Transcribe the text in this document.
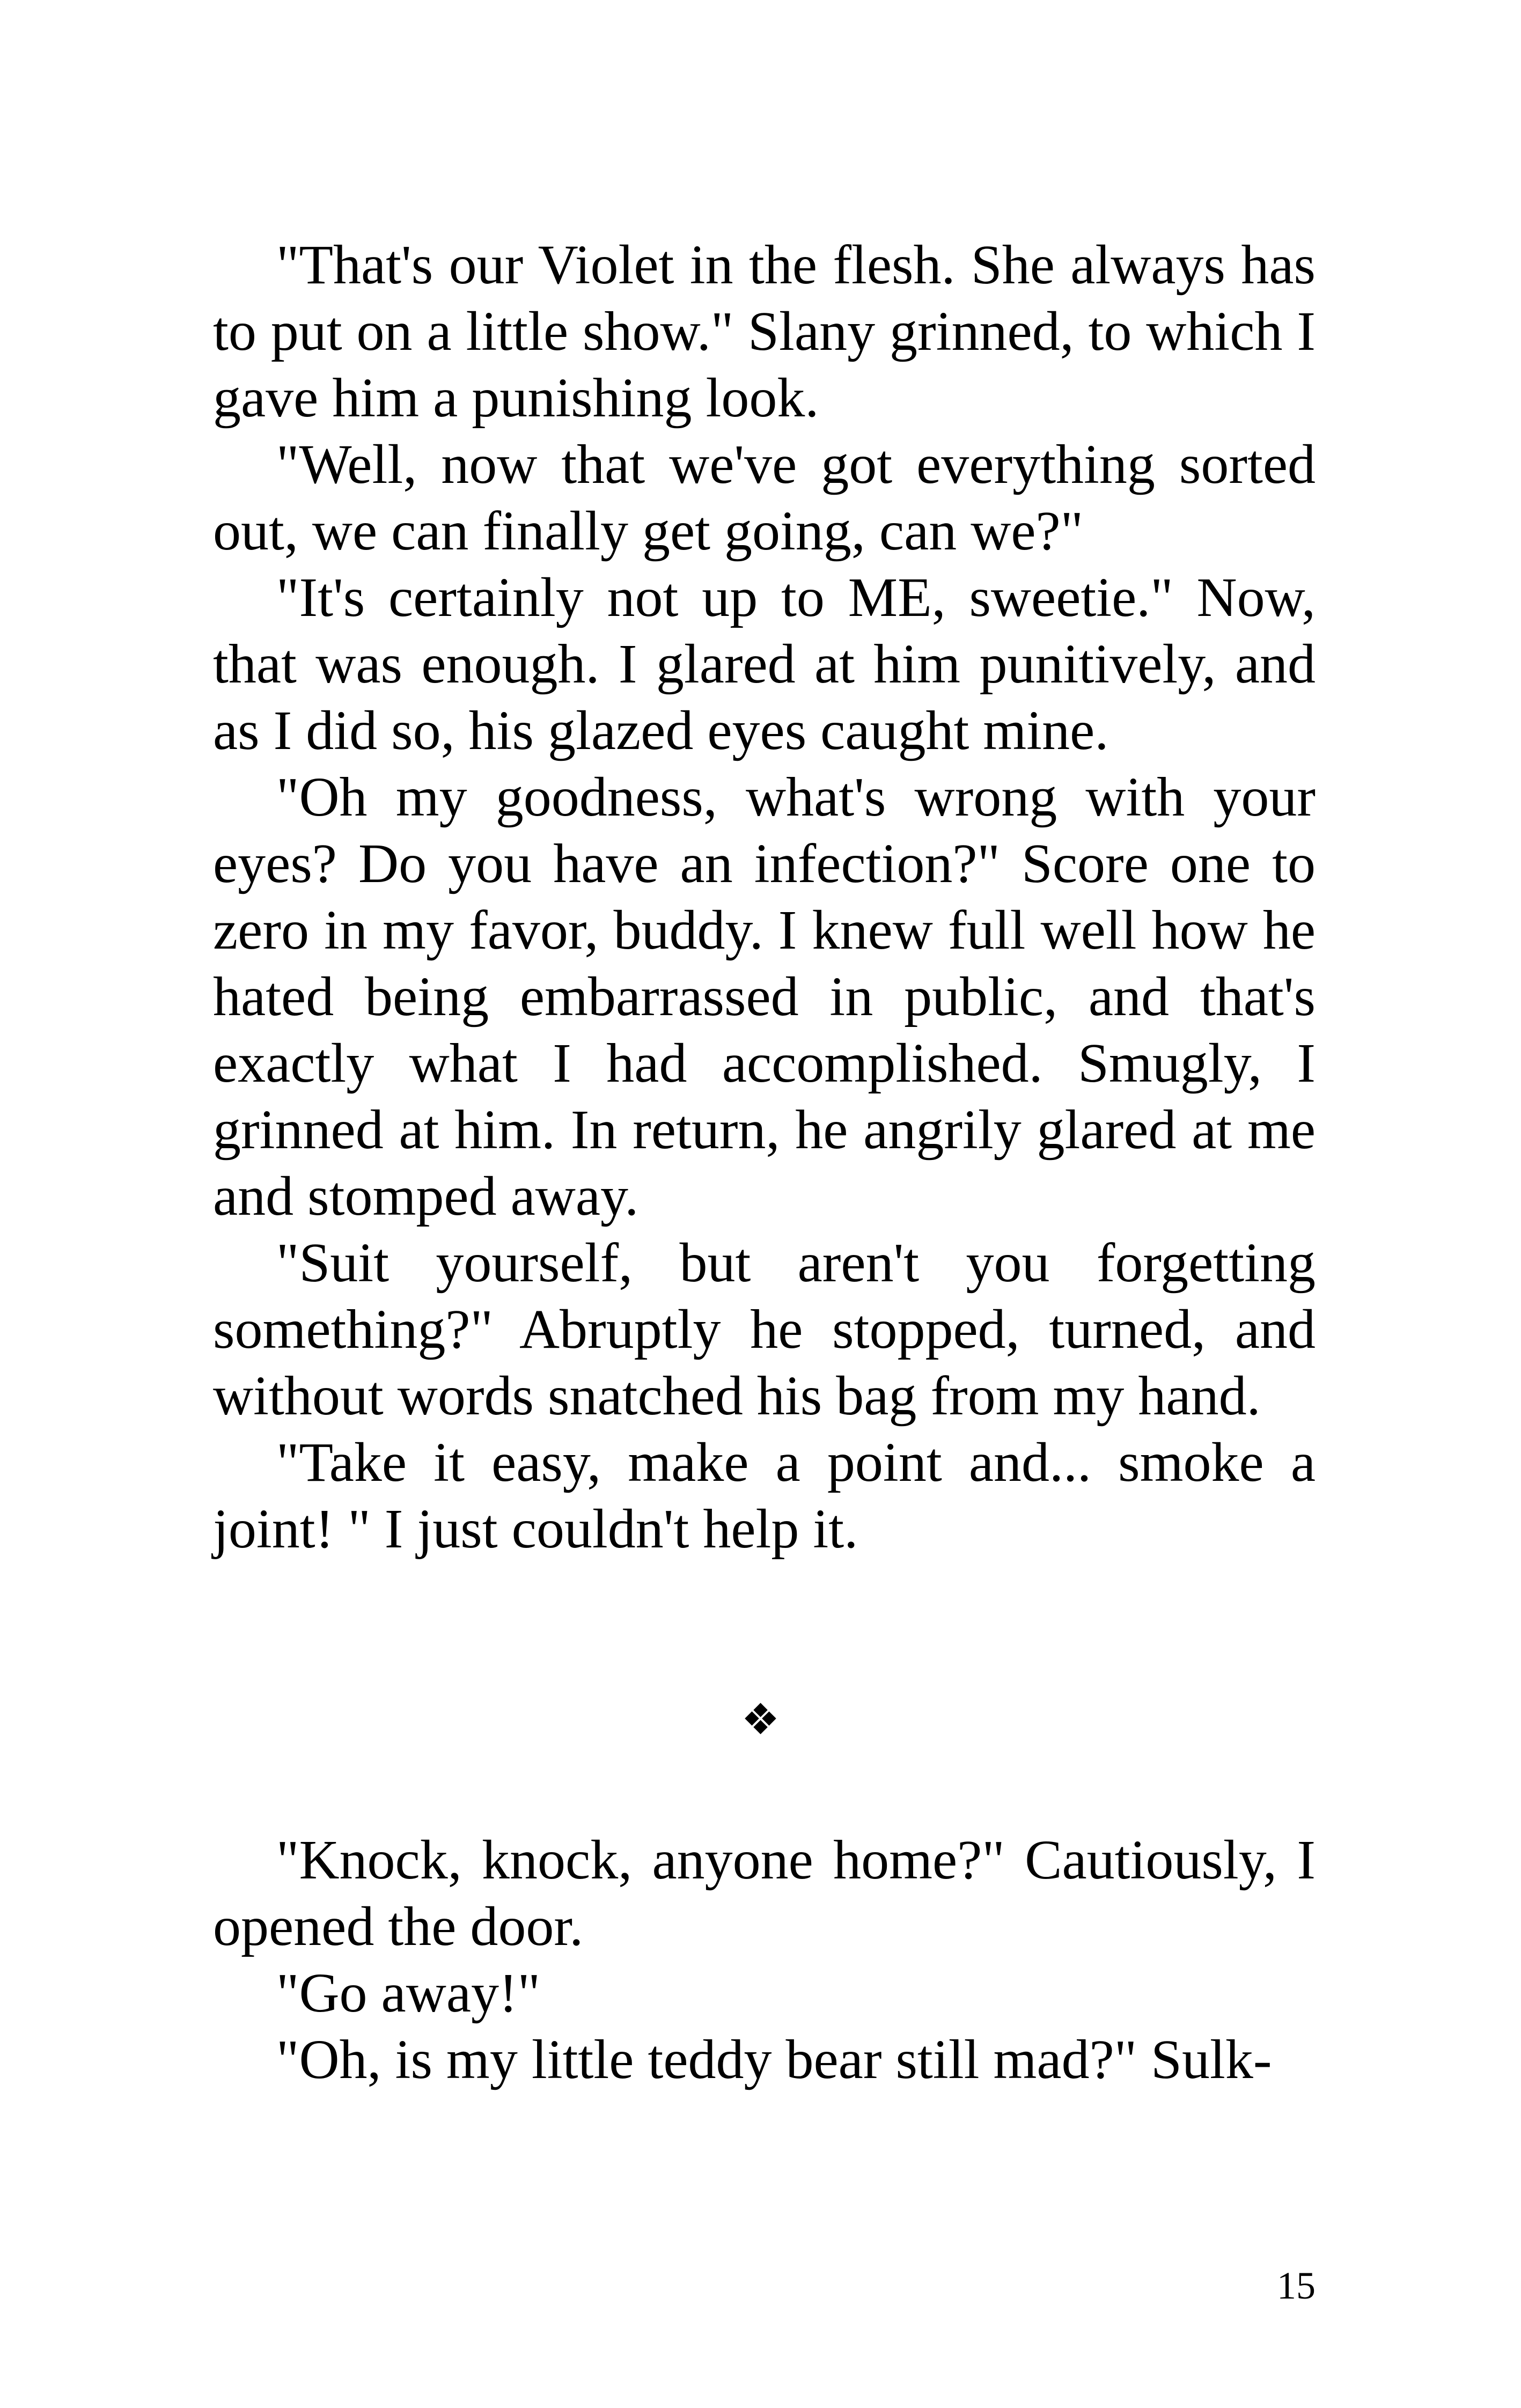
"That's our Violet in the flesh. She always has to put on a little show." Slany grinned, to which I gave him a punishing look.

"Well, now that we've got everything sorted out, we can finally get going, can we?"

"It's certainly not up to ME, sweetie." Now, that was enough. I glared at him punitively, and as I did so, his glazed eyes caught mine.

"Oh my goodness, what's wrong with your eyes? Do you have an infection?" Score one to zero in my favor, buddy. I knew full well how he hated being embarrassed in public, and that's exactly what I had accomplished. Smugly, I grinned at him. In return, he angrily glared at me and stomped away.

"Suit yourself, but aren't you forgetting something?" Abruptly he stopped, turned, and without words snatched his bag from my hand.

"Take it easy, make a point and... smoke a joint! " I just couldn't help it.

❖

"Knock, knock, anyone home?" Cautiously, I opened the door.

"Go away!"

"Oh, is my little teddy bear still mad?" Sulk-

15
